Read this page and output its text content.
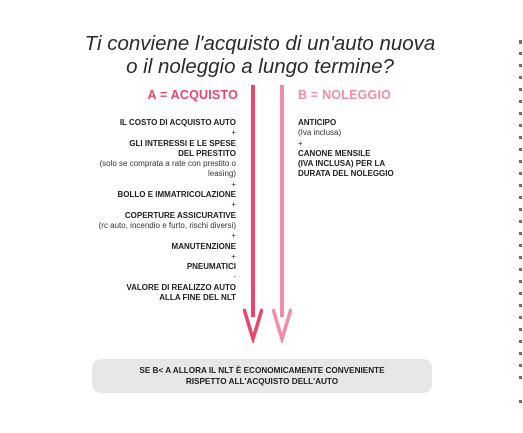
Ti conviene l'acquisto di un'auto nuova
o il noleggio a lungo termine?
A = ACQUISTO	B = NOLEGGIO
IL COSTO DI ACQUISTO AUTO
+
GLI INTERESSI E LE SPESE
DEL PRESTITO
(solo se comprata a rate con prestito o
leasing)
+
BOLLO E IMMATRICOLAZIONE
+
COPERTURE ASSICURATIVE
(rc auto, incendio e furto, rischi diversi)
+
MANUTENZIONE
+
PNEUMATICI
-
VALORE DI REALIZZO AUTO
ALLA FINE DEL NLT
ANTICIPO
(Iva inclusa)
+
CANONE MENSILE
(IVA INCLUSA) PER LA
DURATA DEL NOLEGGIO
SE B< A ALLORA IL NLT È ECONOMICAMENTE CONVENIENTE
RISPETTO ALL'ACQUISTO DELL'AUTO
